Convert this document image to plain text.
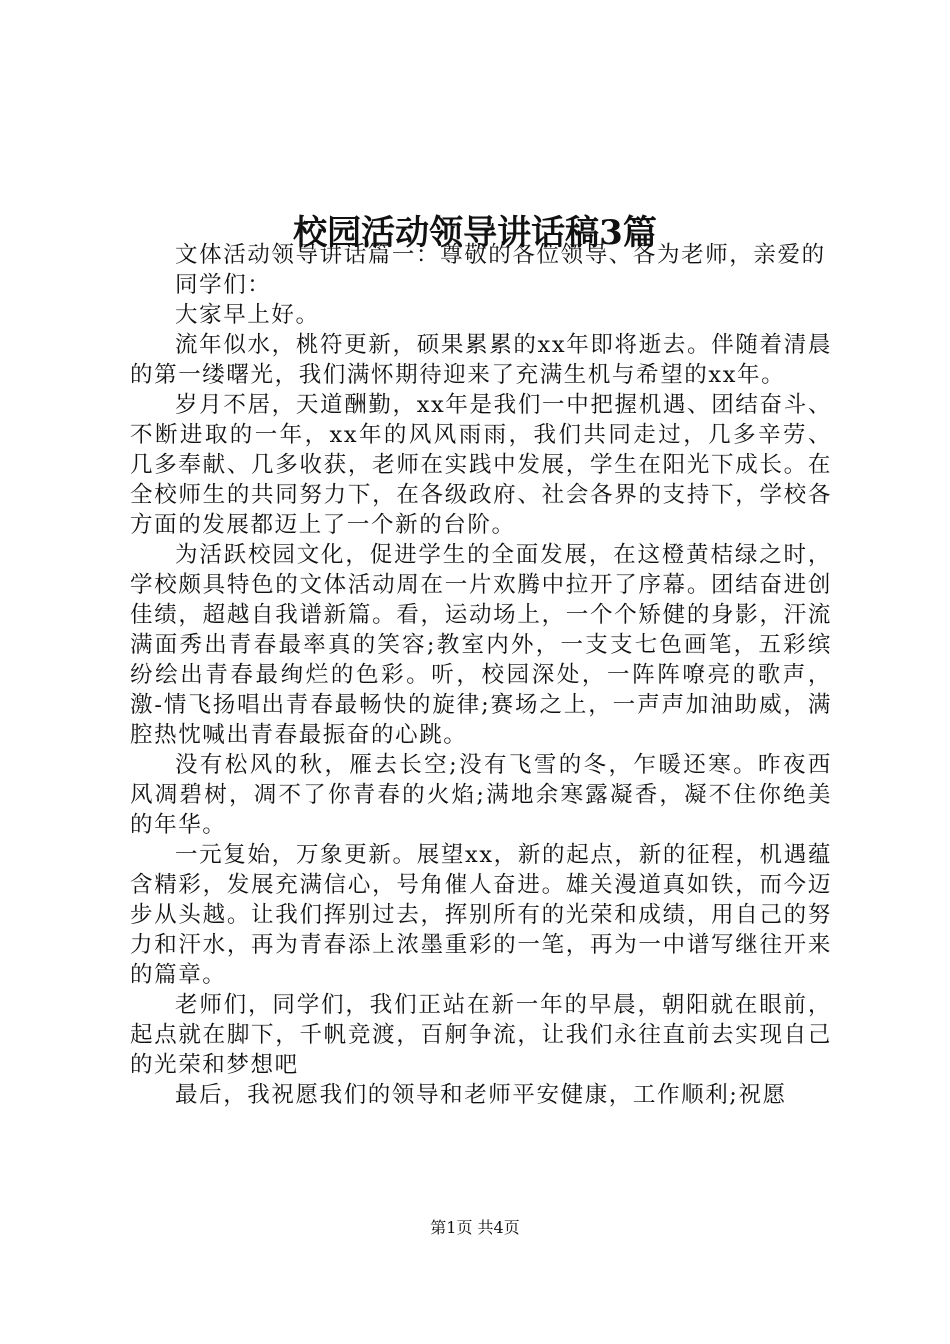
校园活动领导讲话稿3篇

文体活动领导讲话篇一：尊敬的各位领导、各为老师，亲爱的

同学们：

大家早上好。

流年似水，桃符更新，硕果累累的xx年即将逝去。伴随着清晨的第一缕曙光，我们满怀期待迎来了充满生机与希望的xx年。

岁月不居，天道酬勤，xx年是我们一中把握机遇、团结奋斗、不断进取的一年，xx年的风风雨雨，我们共同走过，几多辛劳、几多奉献、几多收获，老师在实践中发展，学生在阳光下成长。在全校师生的共同努力下，在各级政府、社会各界的支持下，学校各方面的发展都迈上了一个新的台阶。

为活跃校园文化，促进学生的全面发展，在这橙黄桔绿之时，学校颇具特色的文体活动周在一片欢腾中拉开了序幕。团结奋进创佳绩，超越自我谱新篇。看，运动场上，一个个矫健的身影，汗流满面秀出青春最率真的笑容;教室内外，一支支七色画笔，五彩缤纷绘出青春最绚烂的色彩。听，校园深处，一阵阵嘹亮的歌声，激-情飞扬唱出青春最畅快的旋律;赛场之上，一声声加油助威，满腔热忱喊出青春最振奋的心跳。

没有松风的秋，雁去长空;没有飞雪的冬，乍暖还寒。昨夜西风凋碧树，凋不了你青春的火焰;满地余寒露凝香，凝不住你绝美的年华。

一元复始，万象更新。展望xx，新的起点，新的征程，机遇蕴含精彩，发展充满信心，号角催人奋进。雄关漫道真如铁，而今迈步从头越。让我们挥别过去，挥别所有的光荣和成绩，用自己的努力和汗水，再为青春添上浓墨重彩的一笔，再为一中谱写继往开来的篇章。

老师们，同学们，我们正站在新一年的早晨，朝阳就在眼前，起点就在脚下，千帆竞渡，百舸争流，让我们永往直前去实现自己的光荣和梦想吧

最后，我祝愿我们的领导和老师平安健康，工作顺利;祝愿

第1页 共4页
